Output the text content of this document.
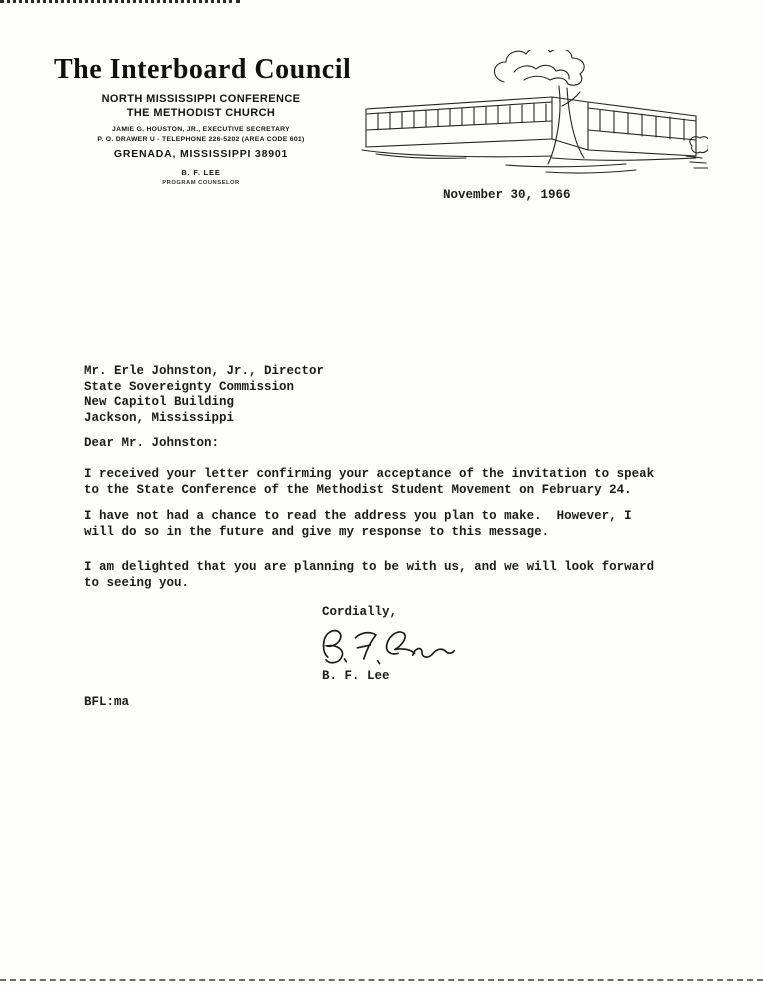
The Interboard Council
NORTH MISSISSIPPI CONFERENCE
THE METHODIST CHURCH
JAMIE G. HOUSTON, JR., EXECUTIVE SECRETARY
P. O. DRAWER U - TELEPHONE 226-5202 (AREA CODE 601)
GRENADA, MISSISSIPPI 38901
B. F. LEE
PROGRAM COUNSELOR
November 30, 1966
Mr. Erle Johnston, Jr., Director
State Sovereignty Commission
New Capitol Building
Jackson, Mississippi
Dear Mr. Johnston:
I received your letter confirming your acceptance of the invitation to speak to the State Conference of the Methodist Student Movement on February 24.
I have not had a chance to read the address you plan to make.  However, I will do so in the future and give my response to this message.
I am delighted that you are planning to be with us, and we will look forward to seeing you.
Cordially,
B. F. Lee
BFL:ma
